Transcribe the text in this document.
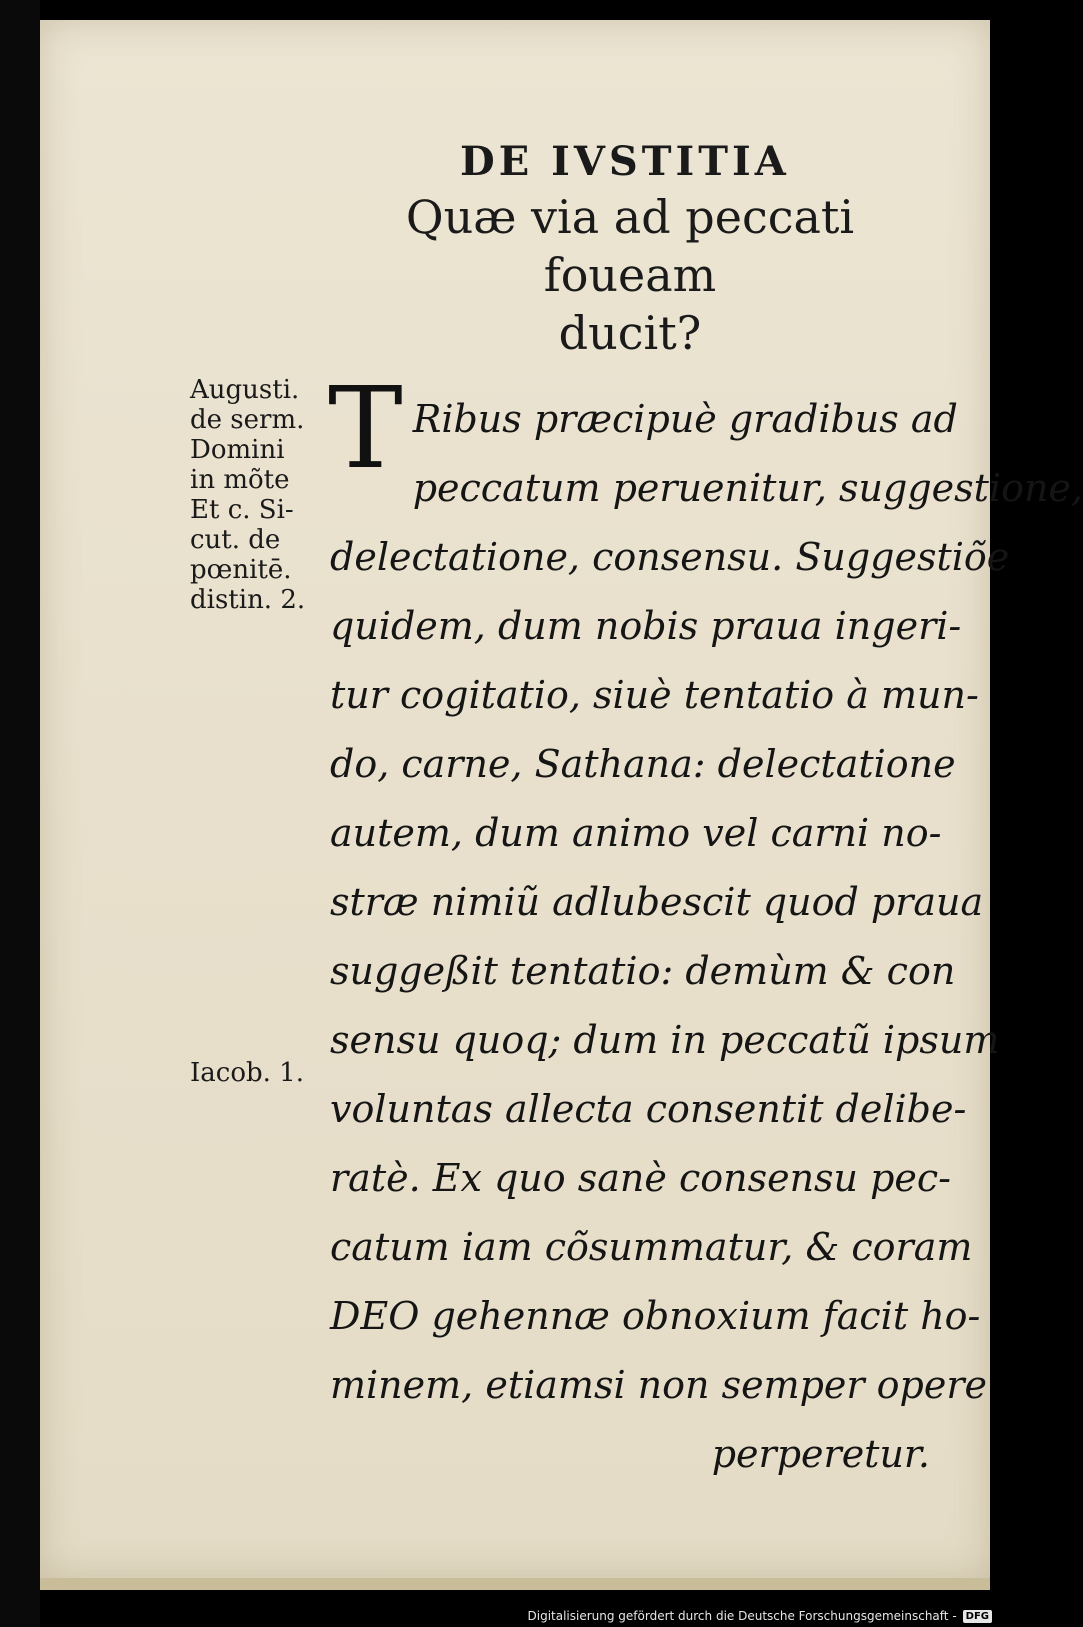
DE IVSTITIA
Quæ via ad peccati foueam
ducit?
Augusti.
de serm.
Domini
in mõte
Et c. Si-
cut. de
pœnitē.
distin. 2.
Iacob. 1.
T Ribus præcipuè gradibus ad
peccatum peruenitur, suggestione,
delectatione, consensu. Suggestiõe
quidem, dum nobis praua ingeri-
tur cogitatio, siuè tentatio à mun-
do, carne, Sathana: delectatione
autem, dum animo vel carni no-
stræ nimiũ adlubescit quod praua
suggeßit tentatio: demùm & con
sensu quoq; dum in peccatũ ipsum
voluntas allecta consentit delibe-
ratè. Ex quo sanè consensu pec-
catum iam cõsummatur, & coram
DEO gehennæ obnoxium facit ho-
minem, etiamsi non semper opere
perperetur.
Digitalisierung gefördert durch die Deutsche Forschungsgemeinschaft - DFG
